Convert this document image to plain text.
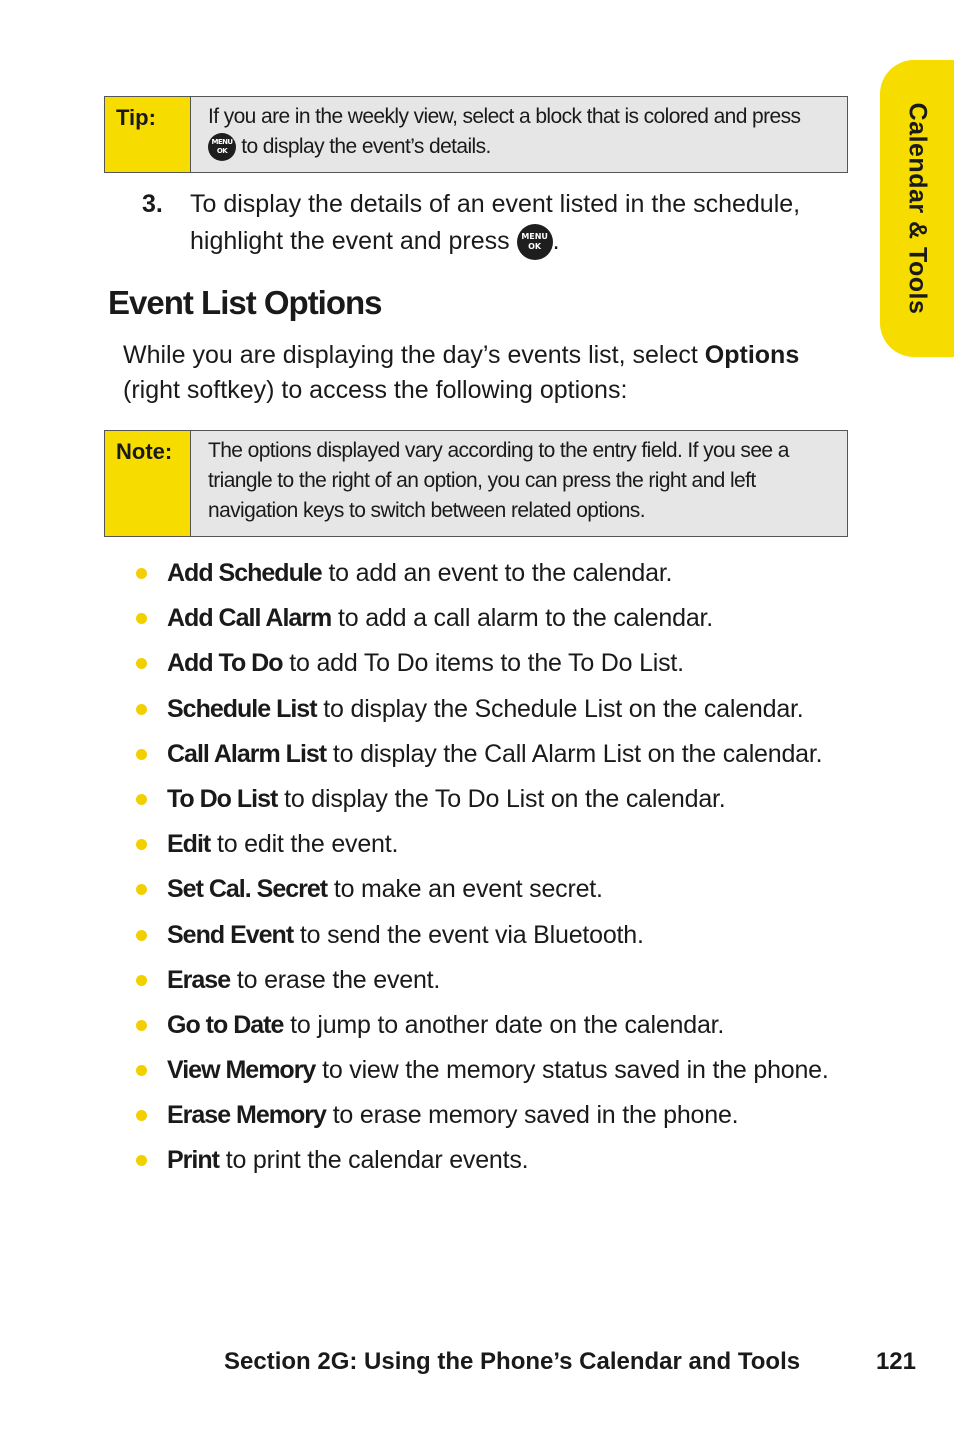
Calendar & Tools
Tip:	If you are in the weekly view, select a block that is colored and press MENU
OK to display the event’s details.
3.	To display the details of an event listed in the schedule, highlight the event and press MENU
OK .
Event List Options

While you are displaying the day’s events list, select Options (right softkey) to access the following options:

Note:	The options displayed vary according to the entry field. If you see a triangle to the right of an option, you can press the right and left navigation keys to switch between related options.
Add Schedule to add an event to the calendar.
Add Call Alarm to add a call alarm to the calendar.
Add To Do to add To Do items to the To Do List.
Schedule List to display the Schedule List on the calendar.
Call Alarm List to display the Call Alarm List on the calendar.
To Do List to display the To Do List on the calendar.
Edit to edit the event.
Set Cal. Secret to make an event secret.
Send Event to send the event via Bluetooth.
Erase to erase the event.
Go to Date to jump to another date on the calendar.
View Memory to view the memory status saved in the phone.
Erase Memory to erase memory saved in the phone.
Print to print the calendar events.
Section 2G: Using the Phone’s Calendar and Tools	121
